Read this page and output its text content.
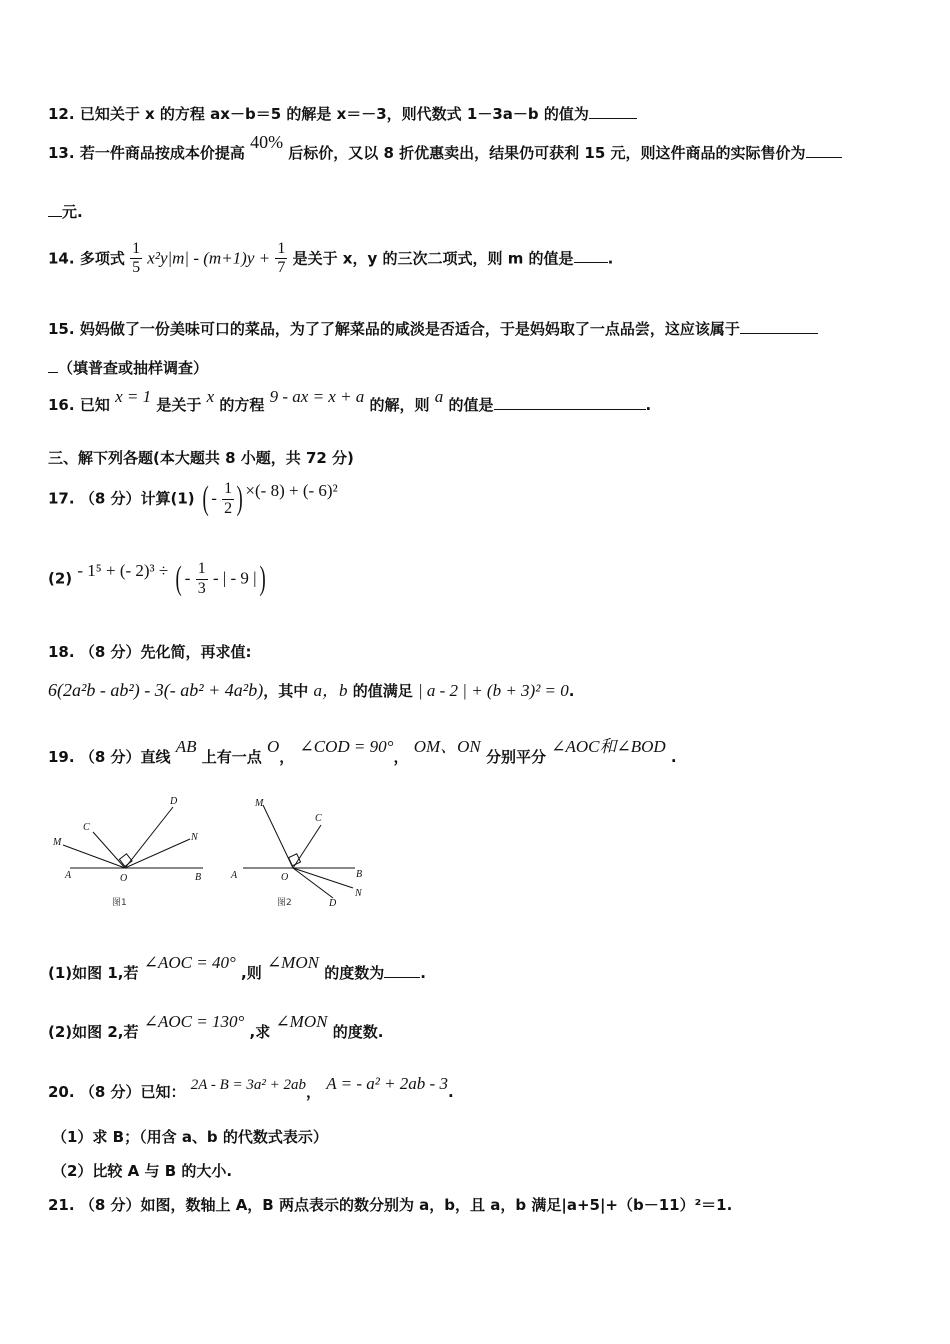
12. 已知关于 x 的方程 ax－b＝5 的解是 x＝－3，则代数式 1－3a－b 的值为
13. 若一件商品按成本价提高 40% 后标价，又以 8 折优惠卖出，结果仍可获利 15 元，则这件商品的实际售价为
元.
14. 多项式 $\frac{1}{5} x^2y|m| - (m+1)y + \frac{1}{7}$ 是关于 x，y 的三次二项式，则 m 的值是 .
15. 妈妈做了一份美味可口的菜品，为了了解菜品的咸淡是否适合，于是妈妈取了一点品尝，这应该属于
（填普查或抽样调查）
16. 已知 x = 1 是关于 x 的方程 9 - ax = x + a 的解，则 a 的值是	.
三、解下列各题(本大题共 8 小题，共 72 分)
17. （8 分）计算(1) ( - $\frac{1}{2}$ ) ×(- 8) + (- 6)²
(2) - 1⁵ + (- 2)³ ÷ ( - $\frac{1}{3}$ - | - 9 |)
18. （8 分）先化简，再求值:
6(2a²b - ab²) - 3(- ab² + 4a²b)，其中 a，b 的值满足 | a - 2 | + (b + 3)² = 0.
19. （8 分）直线 AB 上有一点 O， ∠COD = 90°， OM、ON 分别平分 ∠AOC和∠BOD .
A	O	B
M
C
D
N
图1
A	O	B
M
C
D
N
图2
(1)如图 1,若 ∠AOC = 40° ,则 ∠MON 的度数为 .
(2)如图 2,若 ∠AOC = 130° ,求 ∠MON 的度数.
20. （8 分）已知： 2A - B = 3a² + 2ab， A = - a² + 2ab - 3.
（1）求 B；（用含 a、b 的代数式表示）
（2）比较 A 与 B 的大小.
21. （8 分）如图，数轴上 A，B 两点表示的数分别为 a，b，且 a，b 满足|a+5|+（b－11）²＝1.
